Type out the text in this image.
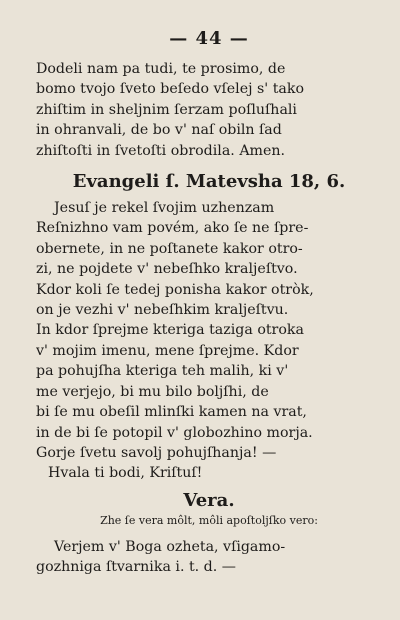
— 44 —
Dodeli nam pa tudi, te prosimo, de
bomo tvojo ſveto beſedo vſelej s' tako
zhiſtim in sheljnim ſerzam poſluſhali
in ohranvali, de bo v' naſ obiln ſad
zhiſtoſti in ſvetoſti obrodila. Amen.
Evangeli ſ. Matevsha 18, 6.
Jesuſ je rekel ſvojim uzhenzam
Reſnizhno vam povém, ako ſe ne ſpre-
obernete, in ne poſtanete kakor otro-
zi, ne pojdete v' nebeſhko kraljeſtvo.
Kdor koli ſe tedej ponisha kakor otròk,
on je vezhi v' nebeſhkim kraljeſtvu.
In kdor ſprejme kteriga taziga otroka
v' mojim imenu, mene ſprejme. Kdor
pa pohujſha kteriga teh malih, ki v'
me verjejo, bi mu bilo boljſhi, de
bi ſe mu obeſil mlinſki kamen na vrat,
in de bi ſe potopil v' globozhino morja.
Gorje ſvetu savolj pohujſhanja! —
Hvala ti bodi, Kriſtuſ!
Vera.
Zhe ſe vera môlt, môli apoſtoljſko vero:
Verjem v' Boga ozheta, vſigamo-
gozhniga ſtvarnika i. t. d. —
